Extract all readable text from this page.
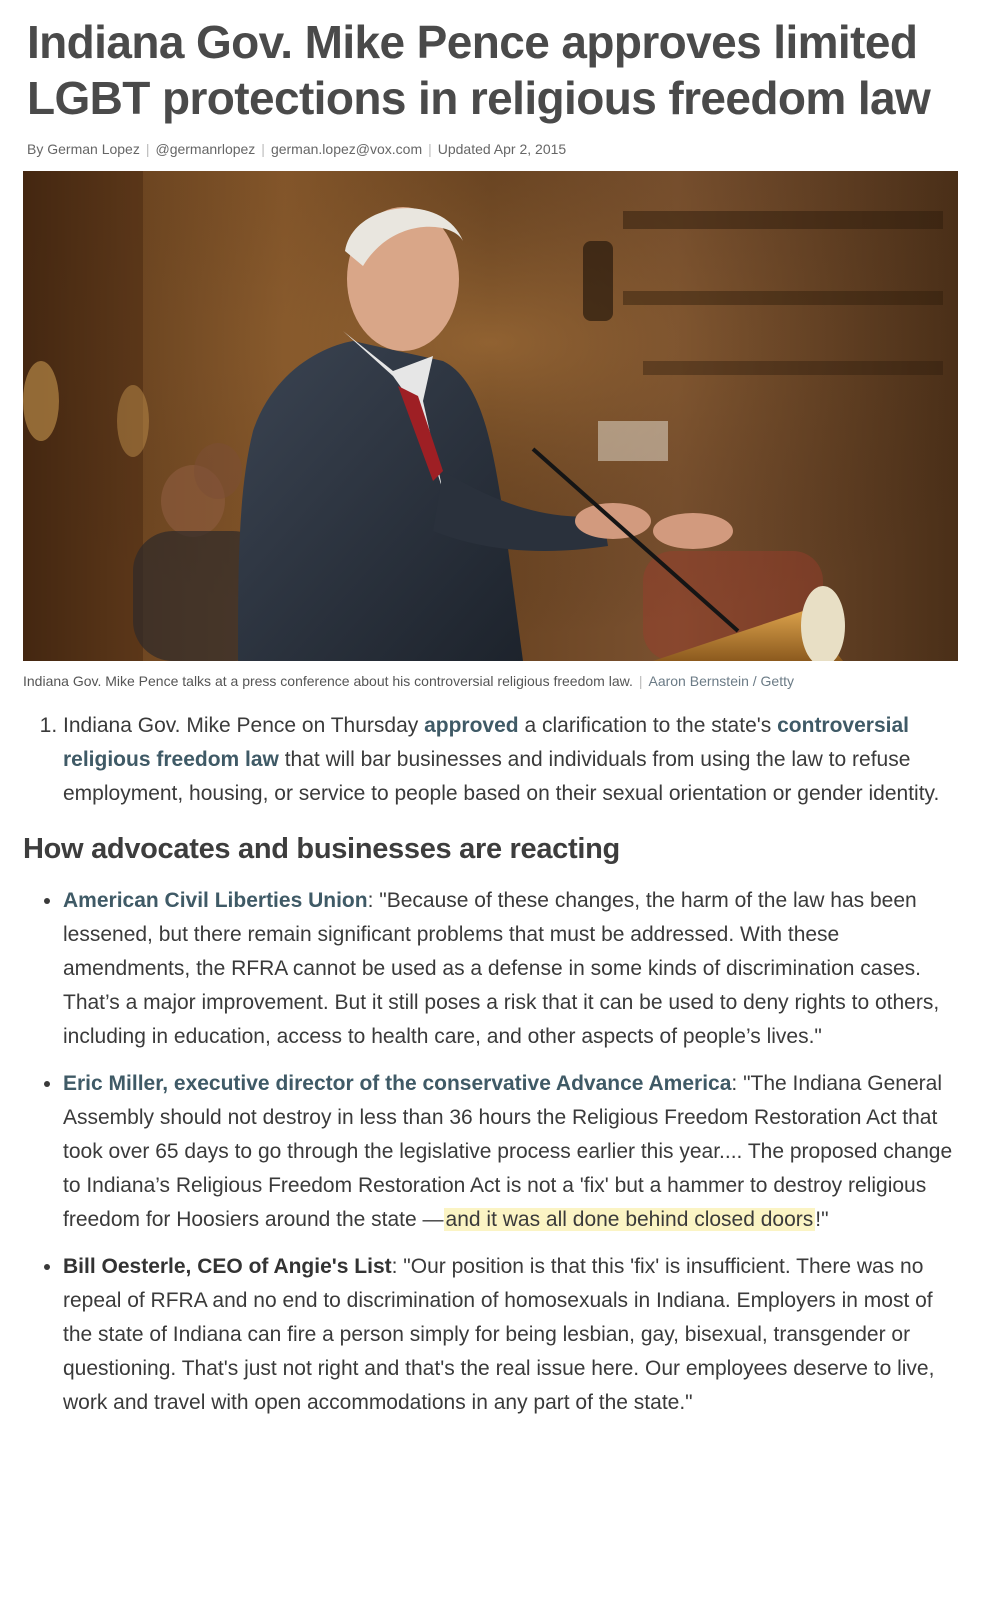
Indiana Gov. Mike Pence approves limited LGBT protections in religious freedom law
By German Lopez | @germanrlopez | german.lopez@vox.com | Updated Apr 2, 2015
Indiana Gov. Mike Pence talks at a press conference about his controversial religious freedom law. | Aaron Bernstein / Getty
1. Indiana Gov. Mike Pence on Thursday approved a clarification to the state's controversial religious freedom law that will bar businesses and individuals from using the law to refuse employment, housing, or service to people based on their sexual orientation or gender identity.
How advocates and businesses are reacting
• American Civil Liberties Union: "Because of these changes, the harm of the law has been lessened, but there remain significant problems that must be addressed. With these amendments, the RFRA cannot be used as a defense in some kinds of discrimination cases. That’s a major improvement. But it still poses a risk that it can be used to deny rights to others, including in education, access to health care, and other aspects of people’s lives."
• Eric Miller, executive director of the conservative Advance America: "The Indiana General Assembly should not destroy in less than 36 hours the Religious Freedom Restoration Act that took over 65 days to go through the legislative process earlier this year.... The proposed change to Indiana’s Religious Freedom Restoration Act is not a 'fix' but a hammer to destroy religious freedom for Hoosiers around the state —and it was all done behind closed doors!"
• Bill Oesterle, CEO of Angie's List: "Our position is that this 'fix' is insufficient. There was no repeal of RFRA and no end to discrimination of homosexuals in Indiana. Employers in most of the state of Indiana can fire a person simply for being lesbian, gay, bisexual, transgender or questioning. That's just not right and that's the real issue here. Our employees deserve to live, work and travel with open accommodations in any part of the state."
